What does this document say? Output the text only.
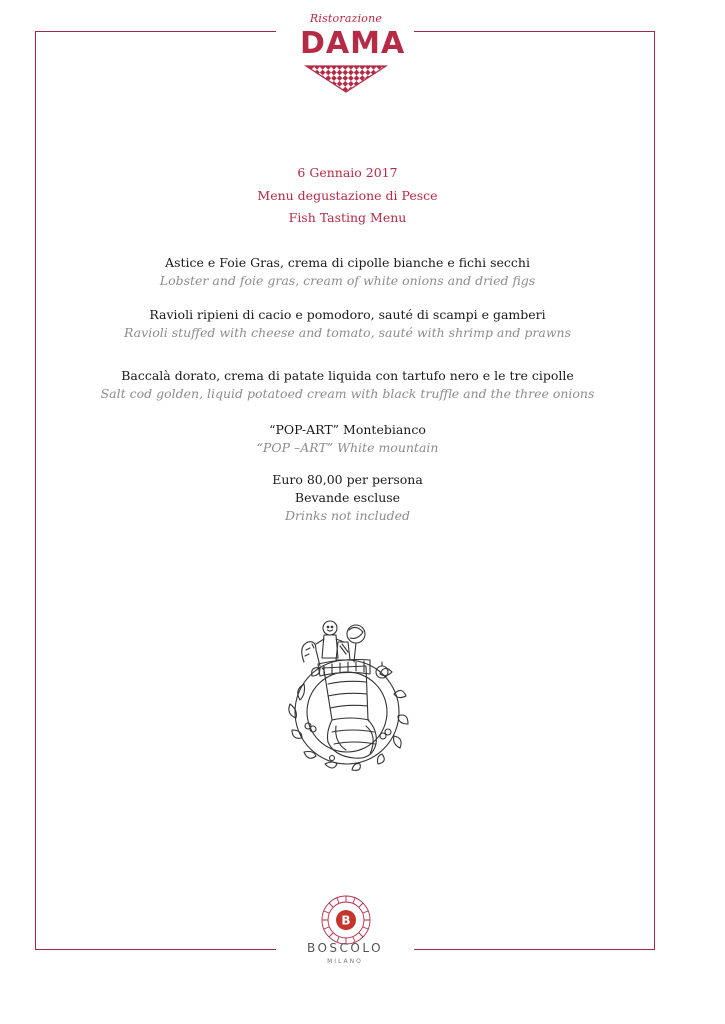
Ristorazione
DAMA
6 Gennaio 2017
Menu degustazione di Pesce
Fish Tasting Menu
Astice e Foie Gras, crema di cipolle bianche e fichi secchi
Lobster and foie gras, cream of white onions and dried figs
Ravioli ripieni di cacio e pomodoro, sauté di scampi e gamberi
Ravioli stuffed with cheese and tomato, sauté with shrimp and prawns
Baccalà dorato, crema di patate liquida con tartufo nero e le tre cipolle
Salt cod golden, liquid potatoed cream with black truffle and the three onions
“POP-ART” Montebianco
“POP –ART” White mountain
Euro 80,00 per persona
Bevande escluse
Drinks not included
B
BOSCOLO
MILANO
